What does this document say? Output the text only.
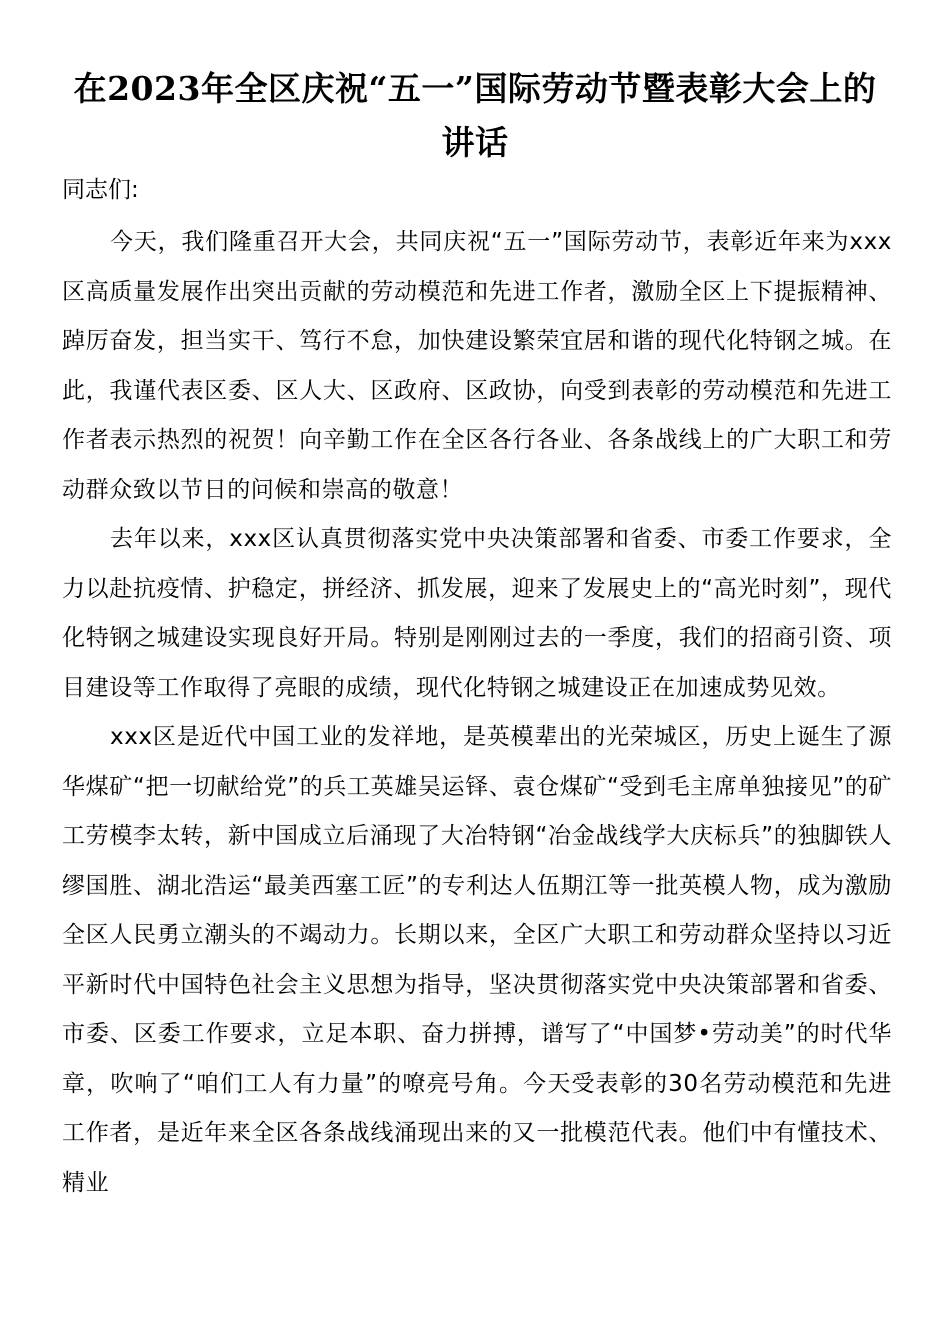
在2023年全区庆祝“五一”国际劳动节暨表彰大会上的讲话

同志们:

今天，我们隆重召开大会，共同庆祝“五一”国际劳动节，表彰近年来为xxx区高质量发展作出突出贡献的劳动模范和先进工作者，激励全区上下提振精神、踔厉奋发，担当实干、笃行不怠，加快建设繁荣宜居和谐的现代化特钢之城。在此，我谨代表区委、区人大、区政府、区政协，向受到表彰的劳动模范和先进工作者表示热烈的祝贺！向辛勤工作在全区各行各业、各条战线上的广大职工和劳动群众致以节日的问候和崇高的敬意！

去年以来，xxx区认真贯彻落实党中央决策部署和省委、市委工作要求，全力以赴抗疫情、护稳定，拼经济、抓发展，迎来了发展史上的“高光时刻”，现代化特钢之城建设实现良好开局。特别是刚刚过去的一季度，我们的招商引资、项目建设等工作取得了亮眼的成绩，现代化特钢之城建设正在加速成势见效。

xxx区是近代中国工业的发祥地，是英模辈出的光荣城区，历史上诞生了源华煤矿“把一切献给党”的兵工英雄吴运铎、袁仓煤矿“受到毛主席单独接见”的矿工劳模李太转，新中国成立后涌现了大冶特钢“冶金战线学大庆标兵”的独脚铁人缪国胜、湖北浩运“最美西塞工匠”的专利达人伍期江等一批英模人物，成为激励全区人民勇立潮头的不竭动力。长期以来，全区广大职工和劳动群众坚持以习近平新时代中国特色社会主义思想为指导，坚决贯彻落实党中央决策部署和省委、市委、区委工作要求，立足本职、奋力拼搏，谱写了“中国梦•劳动美”的时代华章，吹响了“咱们工人有力量”的嘹亮号角。今天受表彰的30名劳动模范和先进工作者，是近年来全区各条战线涌现出来的又一批模范代表。他们中有懂技术、精业
